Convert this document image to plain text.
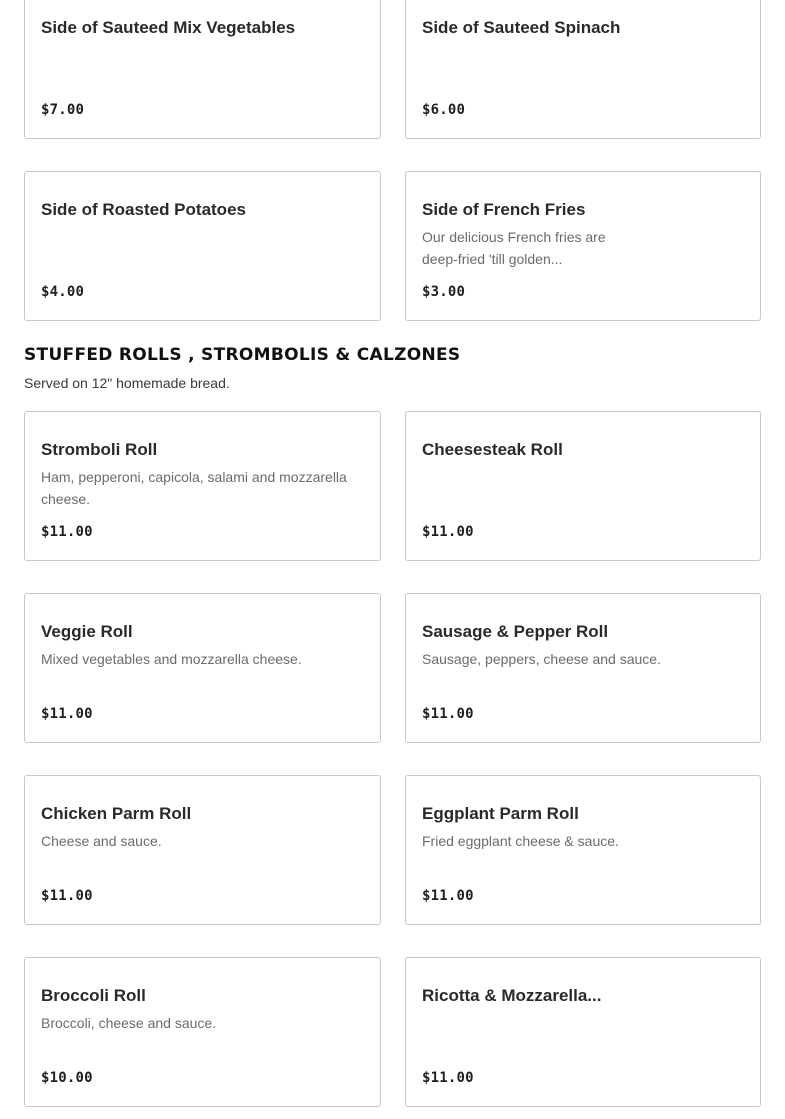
Side of Sauteed Mix Vegetables
$7.00
Side of Sauteed Spinach
$6.00
Side of Roasted Potatoes
$4.00
Side of French Fries
Our delicious French fries are deep-fried 'till golden...
$3.00
STUFFED ROLLS , STROMBOLIS & CALZONES
Served on 12" homemade bread.
Stromboli Roll
Ham, pepperoni, capicola, salami and mozzarella cheese.
$11.00
Cheesesteak Roll
$11.00
Veggie Roll
Mixed vegetables and mozzarella cheese.
$11.00
Sausage & Pepper Roll
Sausage, peppers, cheese and sauce.
$11.00
Chicken Parm Roll
Cheese and sauce.
$11.00
Eggplant Parm Roll
Fried eggplant cheese & sauce.
$11.00
Broccoli Roll
Broccoli, cheese and sauce.
$10.00
Ricotta & Mozzarella...
$11.00
